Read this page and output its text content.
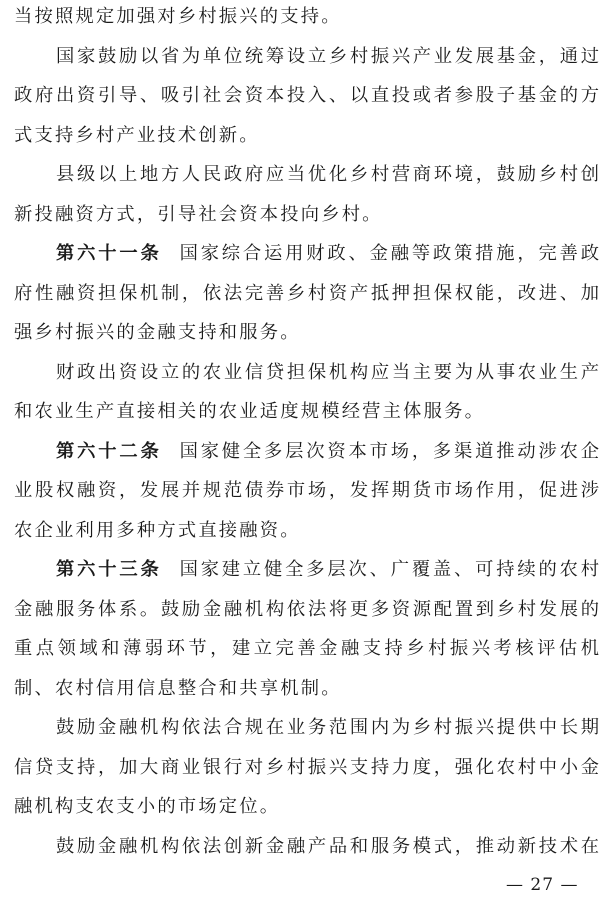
当按照规定加强对乡村振兴的支持。
国家鼓励以省为单位统筹设立乡村振兴产业发展基金，通过
政府出资引导、吸引社会资本投入、以直投或者参股子基金的方
式支持乡村产业技术创新。
县级以上地方人民政府应当优化乡村营商环境，鼓励乡村创
新投融资方式，引导社会资本投向乡村。
第六十一条 国家综合运用财政、金融等政策措施，完善政
府性融资担保机制，依法完善乡村资产抵押担保权能，改进、加
强乡村振兴的金融支持和服务。
财政出资设立的农业信贷担保机构应当主要为从事农业生产
和农业生产直接相关的农业适度规模经营主体服务。
第六十二条 国家健全多层次资本市场，多渠道推动涉农企
业股权融资，发展并规范债券市场，发挥期货市场作用，促进涉
农企业利用多种方式直接融资。
第六十三条 国家建立健全多层次、广覆盖、可持续的农村
金融服务体系。鼓励金融机构依法将更多资源配置到乡村发展的
重点领域和薄弱环节，建立完善金融支持乡村振兴考核评估机
制、农村信用信息整合和共享机制。
鼓励金融机构依法合规在业务范围内为乡村振兴提供中长期
信贷支持，加大商业银行对乡村振兴支持力度，强化农村中小金
融机构支农支小的市场定位。
鼓励金融机构依法创新金融产品和服务模式，推动新技术在
— 27 —
